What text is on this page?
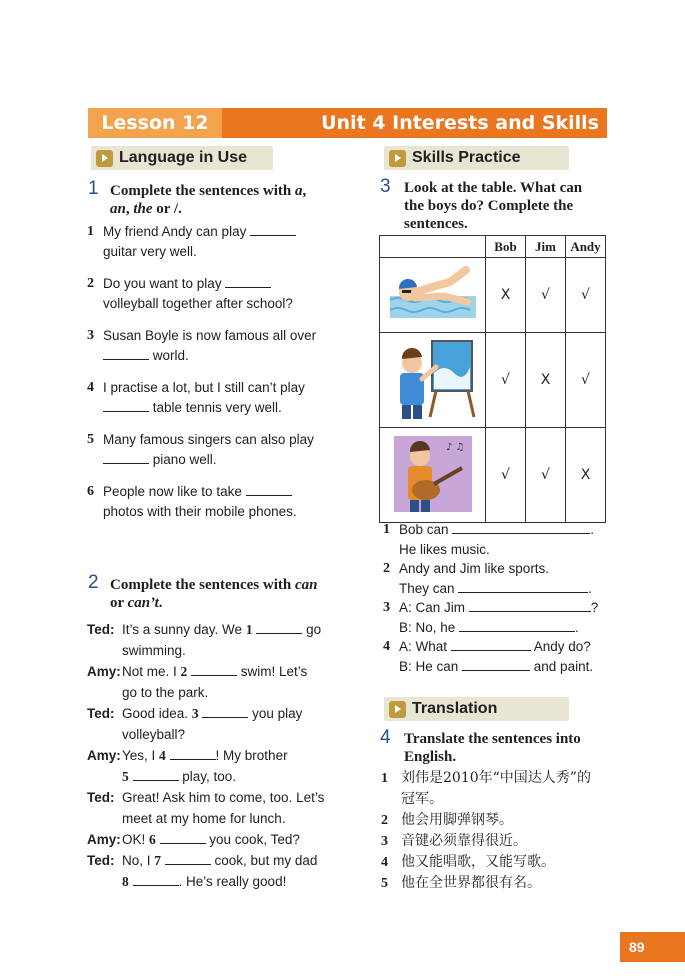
Lesson 12	Unit 4 Interests and Skills
Language in Use
1 Complete the sentences with a,
an, the or /.
1 My friend Andy can play
guitar very well.
2 Do you want to play
volleyball together after school?
3 Susan Boyle is now famous all over
world.
4 I practise a lot, but I still can’t play
table tennis very well.
5 Many famous singers can also play
piano well.
6 People now like to take
photos with their mobile phones.
2 Complete the sentences with can
or can’t.
Ted: It’s a sunny day. We 1	go
swimming.
Amy: Not me. I 2	swim! Let’s
go to the park.
Ted: Good idea. 3	you play
volleyball?
Amy: Yes, I 4	! My brother
5	play, too.
Ted: Great! Ask him to come, too. Let’s
meet at my home for lunch.
Amy: OK! 6	you cook, Ted?
Ted: No, I 7	cook, but my dad
8	. He’s really good!
Skills Practice
3 Look at the table. What can
the boys do? Complete the
sentences.
	Bob	Jim	Andy
	X	√	√
	√	X	√

♪ ♫	√	√	X
1 Bob can	.
He likes music.
2 Andy and Jim like sports.
They can	.
3 A: Can Jim	?
B: No, he	.
4 A: What	Andy do?
B: He can	and paint.
Translation
4 Translate the sentences into
English.
1 刘伟是2010年“中国达人秀”的
冠军。
2 他会用脚弹钢琴。
3 音键必须靠得很近。
4 他又能唱歌，又能写歌。
5 他在全世界都很有名。
89
